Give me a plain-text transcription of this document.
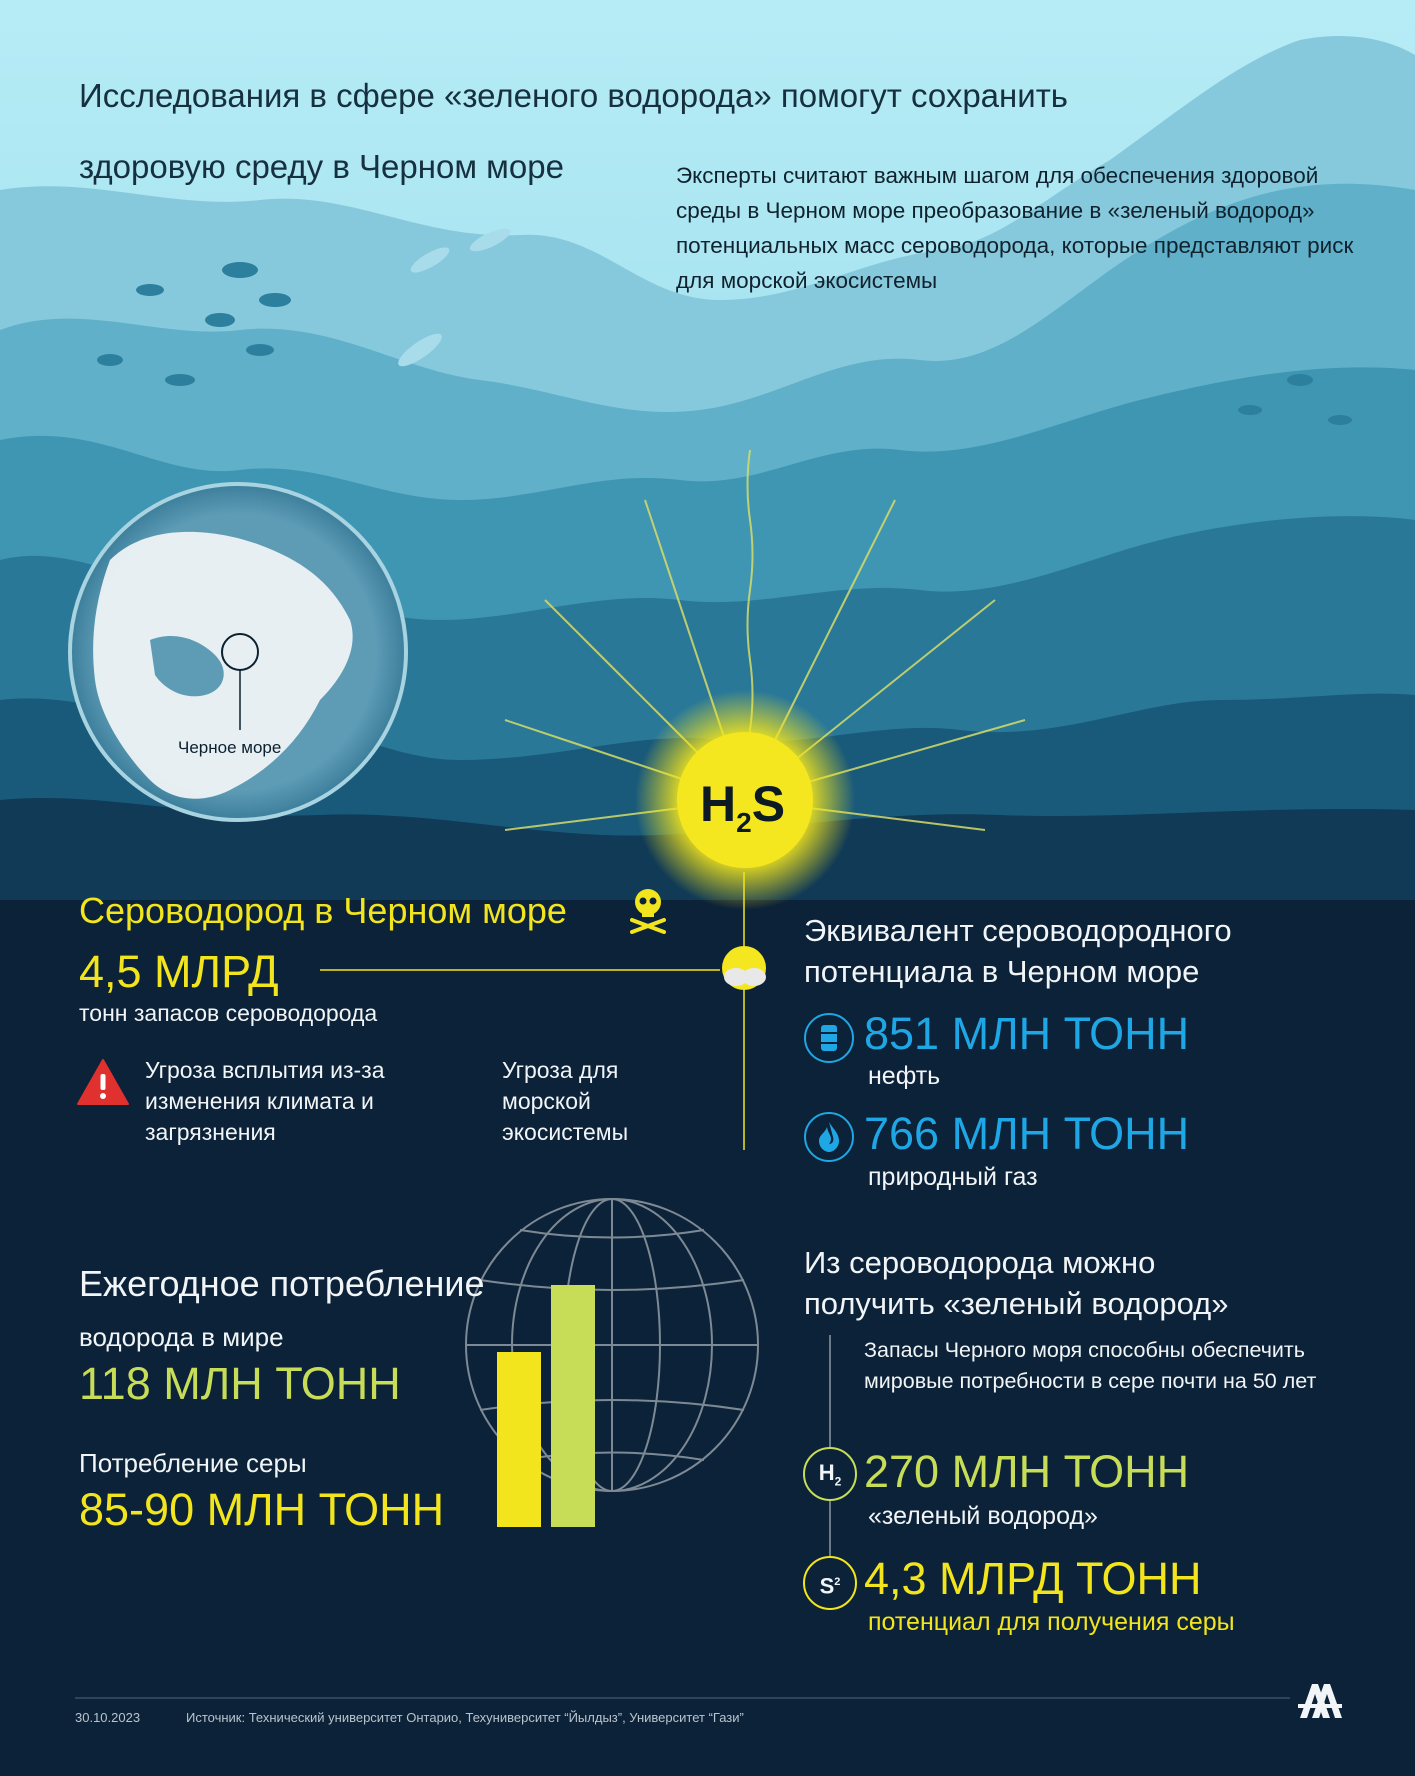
Исследования в сфере «зеленого водорода» помогут сохранить
здоровую среду в Черном море	Эксперты считают важным шагом для обеспечения здоровой среды в Черном море преобразование в «зеленый водород» потенциальных масс сероводорода, которые представляют риск для морской экосистемы
Черное море
$H_2S$
Сероводород в Черном море
4,5 МЛРД
тонн запасов сероводорода
Угроза всплытия из-за изменения климата и загрязнения
Угроза для морской экосистемы
Эквивалент сероводородного
потенциала в Черном море
851 МЛН ТОНН
нефть
766 МЛН ТОНН
природный газ
Ежегодное потребление
водорода в мире
118 МЛН ТОНН
Потребление серы
85-90 МЛН ТОНН
Из сероводорода можно
получить «зеленый водород»
Запасы Черного моря способны обеспечить мировые потребности в сере почти на 50 лет
$H_2$ 270 МЛН ТОНН
«зеленый водород»
$S^2$ 4,3 МЛРД ТОНН
потенциал для получения серы
30.10.2023	Источник: Технический университет Онтарио, Техуниверситет “Йылдыз”, Университет “Гази”
